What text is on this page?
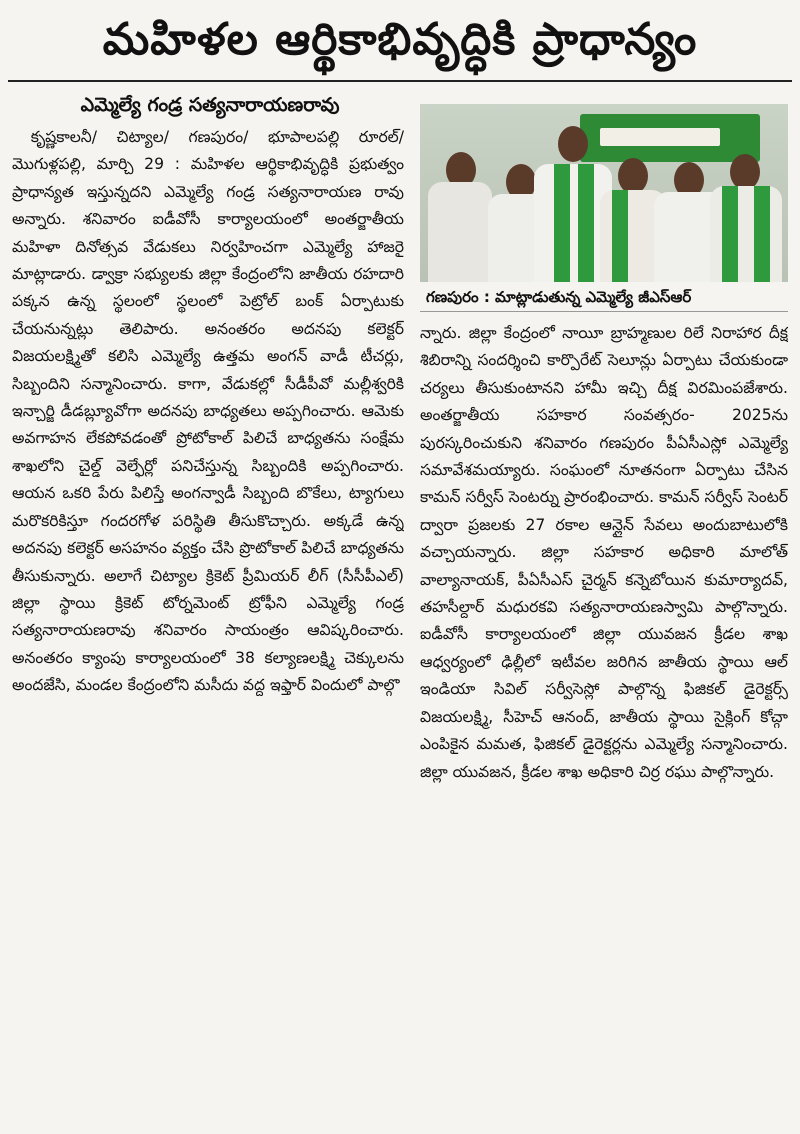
మహిళల ఆర్థికాభివృద్ధికి ప్రాధాన్యం
ఎమ్మెల్యే గండ్ర సత్యనారాయణరావు

కృష్ణకాలనీ/ చిట్యాల/ గణపురం/ భూపాలపల్లి రూరల్/ మొగుళ్లపల్లి, మార్చి 29 : మహిళల ఆర్థికాభివృద్ధికి ప్రభుత్వం ప్రాధాన్యత ఇస్తున్నదని ఎమ్మెల్యే గండ్ర సత్యనారాయణ రావు అన్నారు. శనివారం ఐడీవోసీ కార్యాలయంలో అంతర్జాతీయ మహిళా దినోత్సవ వేడుకలు నిర్వహించగా ఎమ్మెల్యే హాజరై మాట్లాడారు. డ్వాక్రా సభ్యులకు జిల్లా కేంద్రంలోని జాతీయ రహదారి పక్కన ఉన్న స్థలంలో స్థలంలో పెట్రోల్ బంక్ ఏర్పాటుకు చేయనున్నట్లు తెలిపారు. అనంతరం అదనపు కలెక్టర్ విజయలక్ష్మితో కలిసి ఎమ్మెల్యే ఉత్తమ అంగన్ వాడీ టీచర్లు, సిబ్బందిని సన్మానించారు. కాగా, వేడుకల్లో సీడీపీవో మల్లీశ్వరికి ఇన్చార్జి డీడబ్ల్యూవోగా అదనపు బాధ్యతలు అప్పగించారు. ఆమెకు అవగాహన లేకపోవడంతో ప్రోటోకాల్ పిలిచే బాధ్యతను సంక్షేమ శాఖలోని చైల్డ్ వెల్ఫేర్లో పనిచేస్తున్న సిబ్బందికి అప్పగించారు. ఆయన ఒకరి పేరు పిలిస్తే అంగన్వాడీ సిబ్బంది బొకేలు, ట్యాగులు మరొకరికిస్తూ గందరగోళ పరిస్థితి తీసుకొచ్చారు. అక్కడే ఉన్న అదనపు కలెక్టర్ అసహనం వ్యక్తం చేసి ప్రొటోకాల్ పిలిచే బాధ్యతను తీసుకున్నారు. అలాగే చిట్యాల క్రికెట్ ప్రీమియర్ లీగ్ (సీసీపీఎల్) జిల్లా స్థాయి క్రికెట్ టోర్నమెంట్ ట్రోఫీని ఎమ్మెల్యే గండ్ర సత్యనారాయణరావు శనివారం సాయంత్రం ఆవిష్కరించారు. అనంతరం క్యాంపు కార్యాలయంలో 38 కల్యాణలక్ష్మి చెక్కులను అందజేసి, మండల కేంద్రంలోని మసీదు వద్ద ఇఫ్తార్ విందులో పాల్గొ

గణపురం : మాట్లాడుతున్న ఎమ్మెల్యే జీఎస్ఆర్

న్నారు. జిల్లా కేంద్రంలో నాయీ బ్రాహ్మణుల రిలే నిరాహార దీక్ష శిబిరాన్ని సందర్శించి కార్పొరేట్ సెలూన్లు ఏర్పాటు చేయకుండా చర్యలు తీసుకుంటానని హామీ ఇచ్చి దీక్ష విరమింపజేశారు. అంతర్జాతీయ సహకార సంవత్సరం- 2025ను పురస్కరించుకుని శనివారం గణపురం పీఏసీఎస్లో ఎమ్మెల్యే సమావేశమయ్యారు. సంఘంలో నూతనంగా ఏర్పాటు చేసిన కామన్ సర్వీస్ సెంటర్ను ప్రారంభించారు. కామన్ సర్వీస్ సెంటర్ ద్వారా ప్రజలకు 27 రకాల ఆన్లైన్ సేవలు అందుబాటులోకి వచ్చాయన్నారు. జిల్లా సహకార అధికారి మాలోత్ వాల్యానాయక్, పీఏసీఎస్ చైర్మన్ కన్నెబోయిన కుమార్యాదవ్, తహసీల్దార్ మధురకవి సత్యనారాయణస్వామి పాల్గొన్నారు. ఐడీవోసీ కార్యాలయంలో జిల్లా యువజన క్రీడల శాఖ ఆధ్వర్యంలో ఢిల్లీలో ఇటీవల జరిగిన జాతీయ స్థాయి ఆల్ ఇండియా సివిల్ సర్వీసెస్లో పాల్గొన్న ఫిజికల్ డైరెక్టర్స్ విజయలక్ష్మి, సీహెచ్ ఆనంద్, జాతీయ స్థాయి సైక్లింగ్ కోచ్గా ఎంపికైన మమత, ఫిజికల్ డైరెక్టర్లను ఎమ్మెల్యే సన్మానించారు. జిల్లా యువజన, క్రీడల శాఖ అధికారి చిర్ర రఘు పాల్గొన్నారు.
